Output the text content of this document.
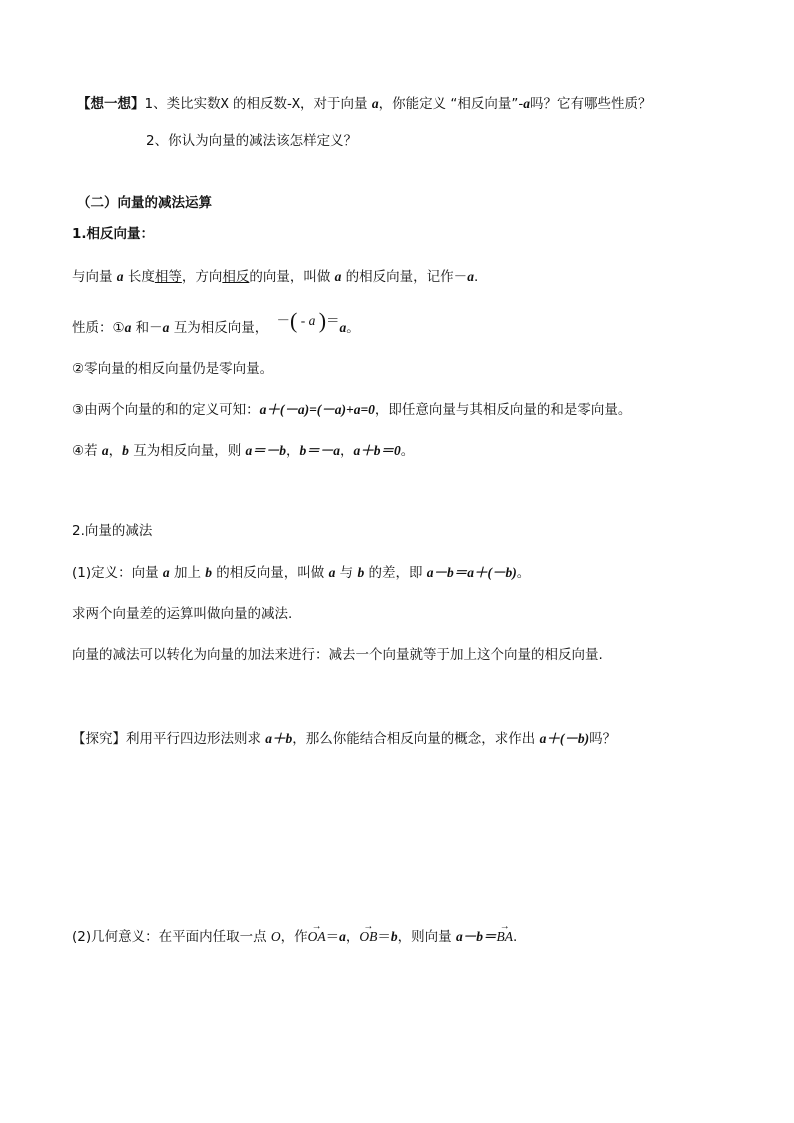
【想一想】1、类比实数X 的相反数-X，对于向量 a，你能定义 “相反向量”-a吗？它有哪些性质？
2、你认为向量的减法该怎样定义？
（二）向量的减法运算
1.相反向量：
与向量 a 长度相等，方向相反的向量，叫做 a 的相反向量，记作－a.
性质：①a 和－a 互为相反向量， －( - a )＝a。
②零向量的相反向量仍是零向量。
③由两个向量的和的定义可知：a＋(－a)=(－a)+a=0，即任意向量与其相反向量的和是零向量。
④若 a，b 互为相反向量，则 a＝－b，b＝－a，a＋b＝0。
2.向量的减法
(1)定义：向量 a 加上 b 的相反向量，叫做 a 与 b 的差，即 a－b＝a＋(－b)。
求两个向量差的运算叫做向量的减法.
向量的减法可以转化为向量的加法来进行：减去一个向量就等于加上这个向量的相反向量.
【探究】利用平行四边形法则求 a＋b，那么你能结合相反向量的概念，求作出 a＋(－b)吗？
(2)几何意义：在平面内任取一点 O，作→ OA＝a，→ OB＝b，则向量 a－b＝→ BA.
